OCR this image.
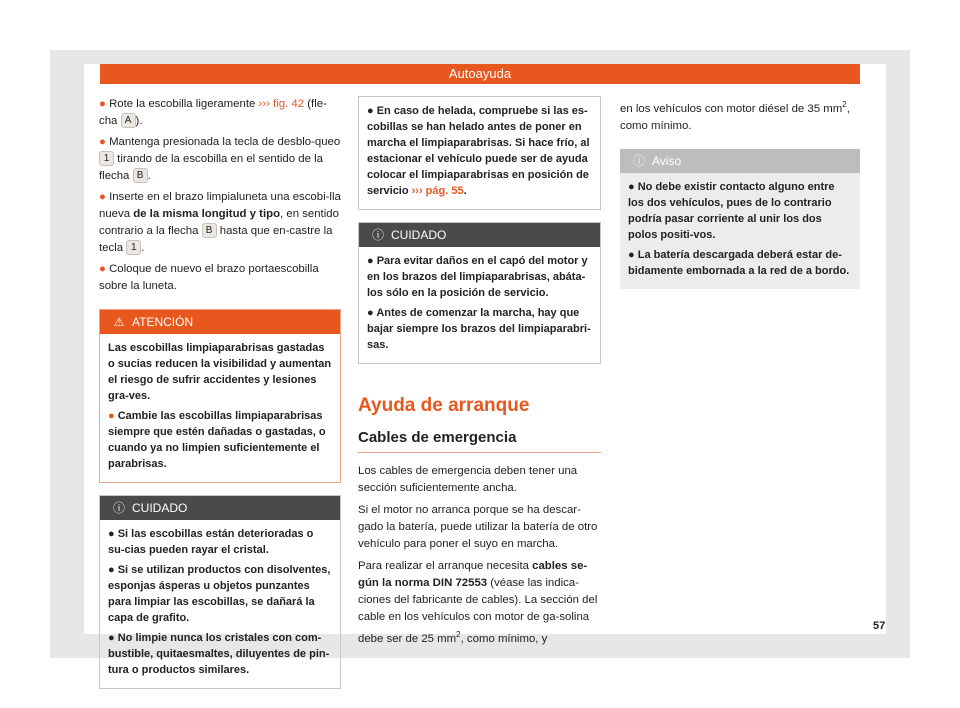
Autoayuda

● Rote la escobilla ligeramente ››› fig. 42 (fle-cha A ).

● Mantenga presionada la tecla de desblo-queo 1 tirando de la escobilla en el sentido de la flecha B .

● Inserte en el brazo limpialuneta una escobi-lla nueva de la misma longitud y tipo, en sentido contrario a la flecha B hasta que en-castre la tecla 1 .

● Coloque de nuevo el brazo portaescobilla sobre la luneta.

⚠ ATENCIÓN

Las escobillas limpiaparabrisas gastadas o sucias reducen la visibilidad y aumentan el riesgo de sufrir accidentes y lesiones gra-ves.

● Cambie las escobillas limpiaparabrisas siempre que estén dañadas o gastadas, o cuando ya no limpien suficientemente el parabrisas.

ⓘ CUIDADO

● Si las escobillas están deterioradas o su-cias pueden rayar el cristal.

● Si se utilizan productos con disolventes, esponjas ásperas u objetos punzantes para limpiar las escobillas, se dañará la capa de grafito.

● No limpie nunca los cristales con com-bustible, quitaesmaltes, diluyentes de pin-tura o productos similares.

● En caso de helada, compruebe si las es-cobillas se han helado antes de poner en marcha el limpiaparabrisas. Si hace frío, al estacionar el vehículo puede ser de ayuda colocar el limpiaparabrisas en posición de servicio ››› pág. 55.

ⓘ CUIDADO

● Para evitar daños en el capó del motor y en los brazos del limpiaparabrisas, abáta-los sólo en la posición de servicio.

● Antes de comenzar la marcha, hay que bajar siempre los brazos del limpiaparabri-sas.

Ayuda de arranque
Cables de emergencia

Los cables de emergencia deben tener una sección suficientemente ancha.

Si el motor no arranca porque se ha descar-gado la batería, puede utilizar la batería de otro vehículo para poner el suyo en marcha.

Para realizar el arranque necesita cables se-gún la norma DIN 72553 (véase las indica-ciones del fabricante de cables). La sección del cable en los vehículos con motor de ga-solina debe ser de 25 $mm^2$, como mínimo, y

en los vehículos con motor diésel de 35 $mm^2$, como mínimo.

ⓘ Aviso

● No debe existir contacto alguno entre los dos vehículos, pues de lo contrario podría pasar corriente al unir los dos polos positi-vos.

● La batería descargada deberá estar de-bidamente embornada a la red de a bordo.

57
